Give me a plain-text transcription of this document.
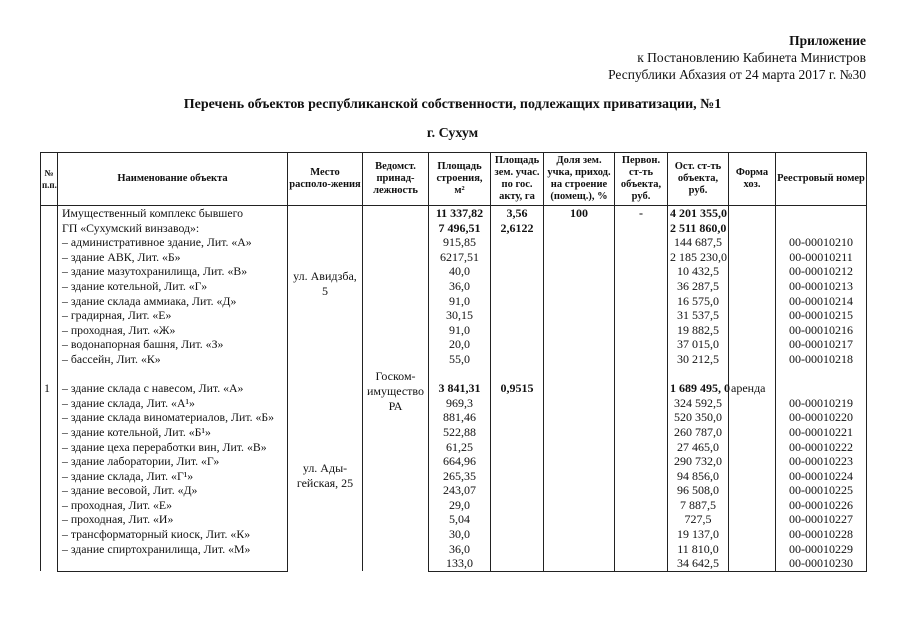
Приложение
к Постановлению Кабинета Министров
Республики Абхазия от 24 марта 2017 г. №30
Перечень объектов республиканской собственности, подлежащих приватизации, №1
г. Сухум
№ п.п.	Наименование объекта	Место располо-жения	Ведомст. принад-лежность	Площадь строения, м²	Площадь зем. учас. по гос. акту, га	Доля зем. учка, приход. на строение (помещ.), %	Первон. ст-ть объекта, руб.	Ост. ст-ть объекта, руб.	Форма хоз.	Реестровый номер
1	Имущественный комплекс бывшего	ул. Авидзба, 5	Госком-имущество РА	11 337,82	3,56	100	-	4 201 355,0		
	ГП «Сухумский винзавод»:			7 496,51	2,6122			2 511 860,0		
	– административное здание, Лит. «А»			915,85				144 687,5		00-00010210
	– здание АВК, Лит. «Б»			6217,51				2 185 230,0		00-00010211
	– здание мазутохранилища, Лит. «В»			40,0				10 432,5		00-00010212
	– здание котельной, Лит. «Г»			36,0				36 287,5		00-00010213
	– здание склада аммиака, Лит. «Д»			91,0				16 575,0		00-00010214
	– градирная, Лит. «Е»			30,15				31 537,5		00-00010215
	– проходная, Лит. «Ж»			91,0				19 882,5		00-00010216
	– водонапорная башня, Лит. «З»			20,0				37 015,0		00-00010217
	– бассейн, Лит. «К»			55,0				30 212,5		00-00010218

	– здание склада с навесом, Лит. «А»	ул. Ады-гейская, 25		3 841,31	0,9515			1 689 495, 0	аренда	
	– здание склада, Лит. «А¹»			969,3				324 592,5		00-00010219
	– здание склада виноматериалов, Лит. «Б»			881,46				520 350,0		00-00010220
	– здание котельной, Лит. «Б¹»			522,88				260 787,0		00-00010221
	– здание цеха переработки вин, Лит. «В»			61,25				27 465,0		00-00010222
	– здание лаборатории, Лит. «Г»			664,96				290 732,0		00-00010223
	– здание склада, Лит. «Г¹»			265,35				94 856,0		00-00010224
	– здание весовой, Лит. «Д»			243,07				96 508,0		00-00010225
	– проходная, Лит. «Е»			29,0				7 887,5		00-00010226
	– проходная, Лит. «И»			5,04				727,5		00-00010227
	– трансформаторный киоск, Лит. «К»			30,0				19 137,0		00-00010228
	– здание спиртохранилища, Лит. «М»			36,0				11 810,0		00-00010229
				133,0				34 642,5		00-00010230
